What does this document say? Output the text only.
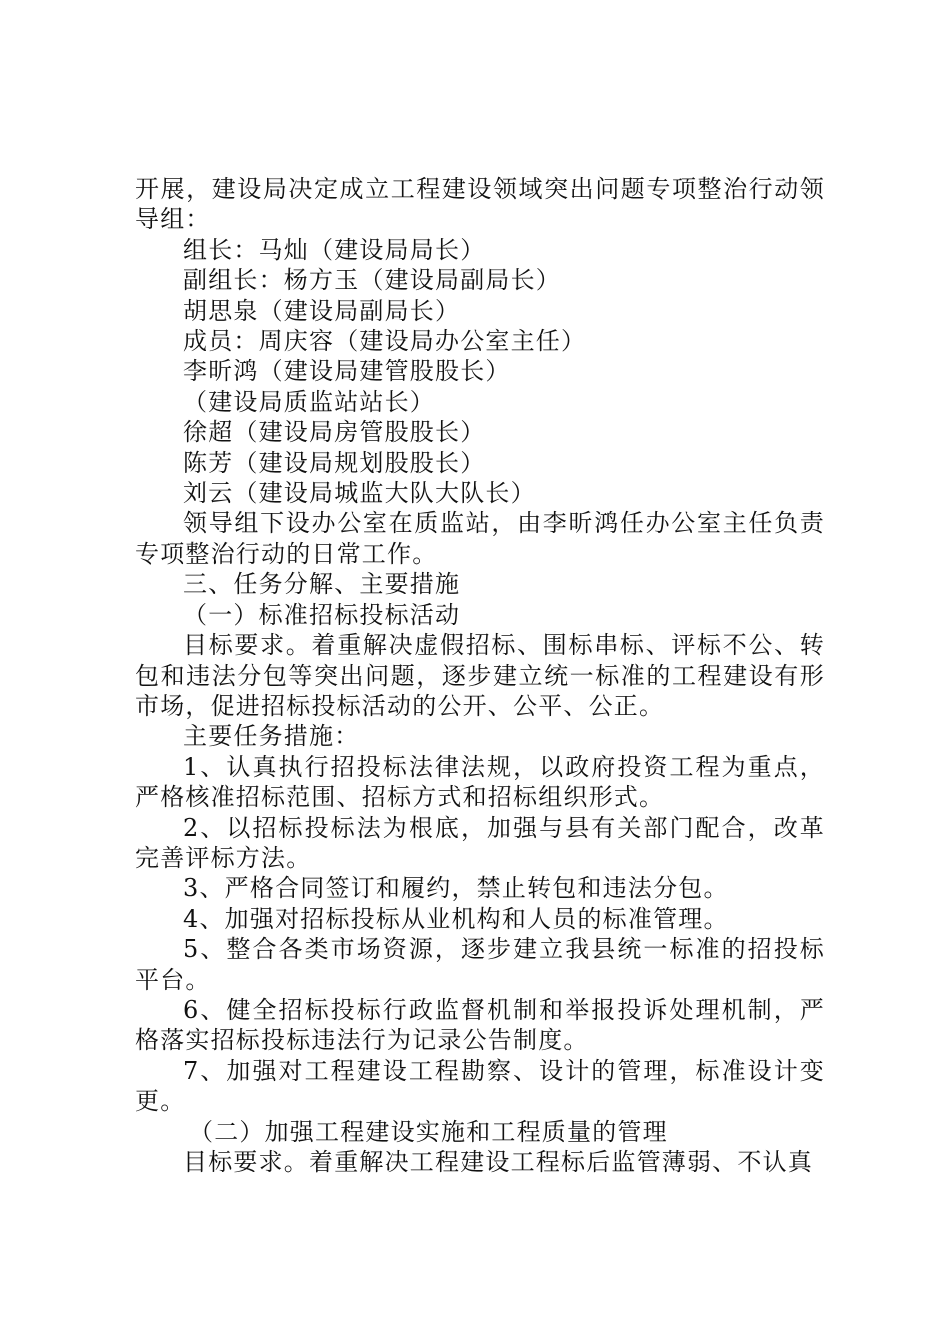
开展，建设局决定成立工程建设领域突出问题专项整治行动领导组：

组长：马灿（建设局局长）

副组长：杨方玉（建设局副局长）

胡思泉（建设局副局长）

成员：周庆容（建设局办公室主任）

李昕鸿（建设局建管股股长）

（建设局质监站站长）

徐超（建设局房管股股长）

陈芳（建设局规划股股长）

刘云（建设局城监大队大队长）

领导组下设办公室在质监站，由李昕鸿任办公室主任负责专项整治行动的日常工作。

三、任务分解、主要措施

（一）标准招标投标活动

目标要求。着重解决虚假招标、围标串标、评标不公、转包和违法分包等突出问题，逐步建立统一标准的工程建设有形市场，促进招标投标活动的公开、公平、公正。

主要任务措施：

1、认真执行招投标法律法规，以政府投资工程为重点，严格核准招标范围、招标方式和招标组织形式。

2、以招标投标法为根底，加强与县有关部门配合，改革完善评标方法。

3、严格合同签订和履约，禁止转包和违法分包。

4、加强对招标投标从业机构和人员的标准管理。

5、整合各类市场资源，逐步建立我县统一标准的招投标平台。

6、健全招标投标行政监督机制和举报投诉处理机制，严格落实招标投标违法行为记录公告制度。

7、加强对工程建设工程勘察、设计的管理，标准设计变更。

（二）加强工程建设实施和工程质量的管理

目标要求。着重解决工程建设工程标后监管薄弱、不认真
